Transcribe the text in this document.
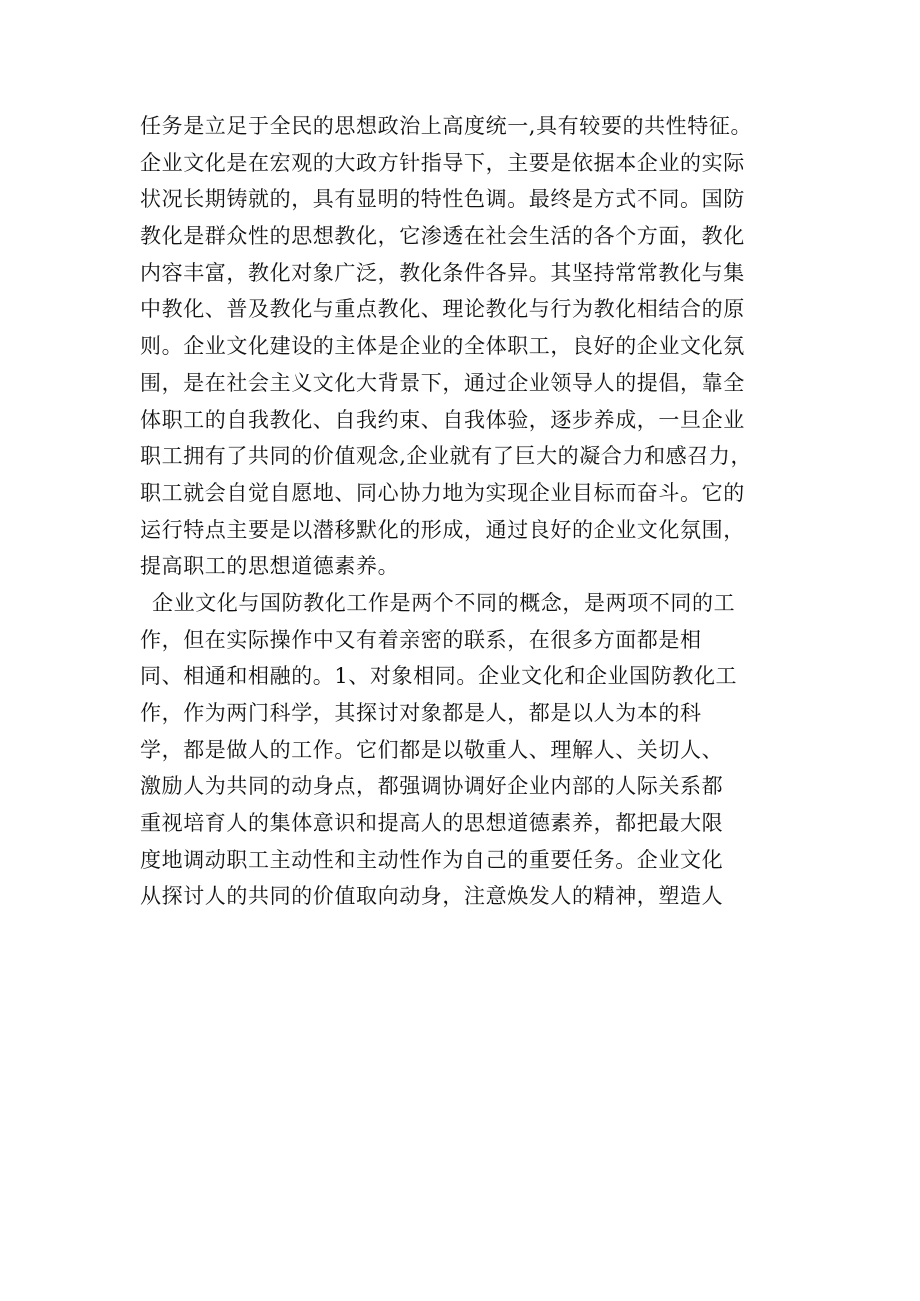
任务是立足于全民的思想政治上高度统一,具有较要的共性特征。
企业文化是在宏观的大政方针指导下，主要是依据本企业的实际
状况长期铸就的，具有显明的特性色调。最终是方式不同。国防
教化是群众性的思想教化，它渗透在社会生活的各个方面，教化
内容丰富，教化对象广泛，教化条件各异。其坚持常常教化与集
中教化、普及教化与重点教化、理论教化与行为教化相结合的原
则。企业文化建设的主体是企业的全体职工，良好的企业文化氛
围，是在社会主义文化大背景下，通过企业领导人的提倡，靠全
体职工的自我教化、自我约束、自我体验，逐步养成，一旦企业
职工拥有了共同的价值观念,企业就有了巨大的凝合力和感召力，
职工就会自觉自愿地、同心协力地为实现企业目标而奋斗。它的
运行特点主要是以潜移默化的形成，通过良好的企业文化氛围，
提高职工的思想道德素养。
企业文化与国防教化工作是两个不同的概念，是两项不同的工
作，但在实际操作中又有着亲密的联系，在很多方面都是相
同、相通和相融的。1、对象相同。企业文化和企业国防教化工
作，作为两门科学，其探讨对象都是人，都是以人为本的科
学，都是做人的工作。它们都是以敬重人、理解人、关切人、
激励人为共同的动身点，都强调协调好企业内部的人际关系都
重视培育人的集体意识和提高人的思想道德素养，都把最大限
度地调动职工主动性和主动性作为自己的重要任务。企业文化
从探讨人的共同的价值取向动身，注意焕发人的精神，塑造人
